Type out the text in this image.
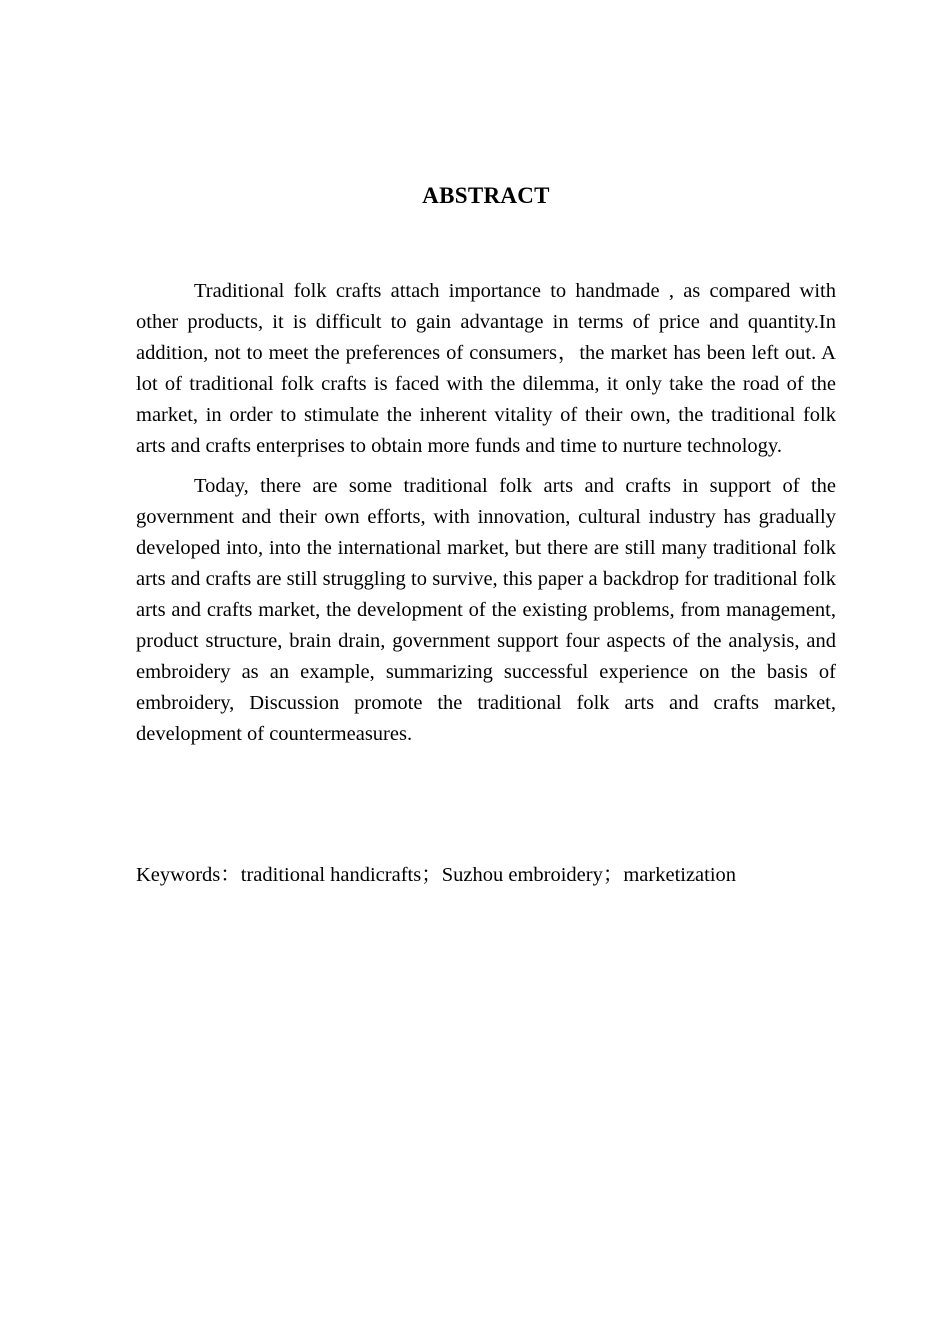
ABSTRACT

Traditional folk crafts attach importance to handmade , as compared with other products, it is difficult to gain advantage in terms of price and quantity.In addition, not to meet the preferences of consumers，the market has been left out. A lot of traditional folk crafts is faced with the dilemma, it only take the road of the market, in order to stimulate the inherent vitality of their own, the traditional folk arts and crafts enterprises to obtain more funds and time to nurture technology.

Today, there are some traditional folk arts and crafts in support of the government and their own efforts, with innovation, cultural industry has gradually developed into, into the international market, but there are still many traditional folk arts and crafts are still struggling to survive, this paper a backdrop for traditional folk arts and crafts market, the development of the existing problems, from management, product structure, brain drain, government support four aspects of the analysis, and embroidery as an example, summarizing successful experience on the basis of embroidery, Discussion promote the traditional folk arts and crafts market, development of countermeasures.

Keywords：traditional handicrafts；Suzhou embroidery；marketization
